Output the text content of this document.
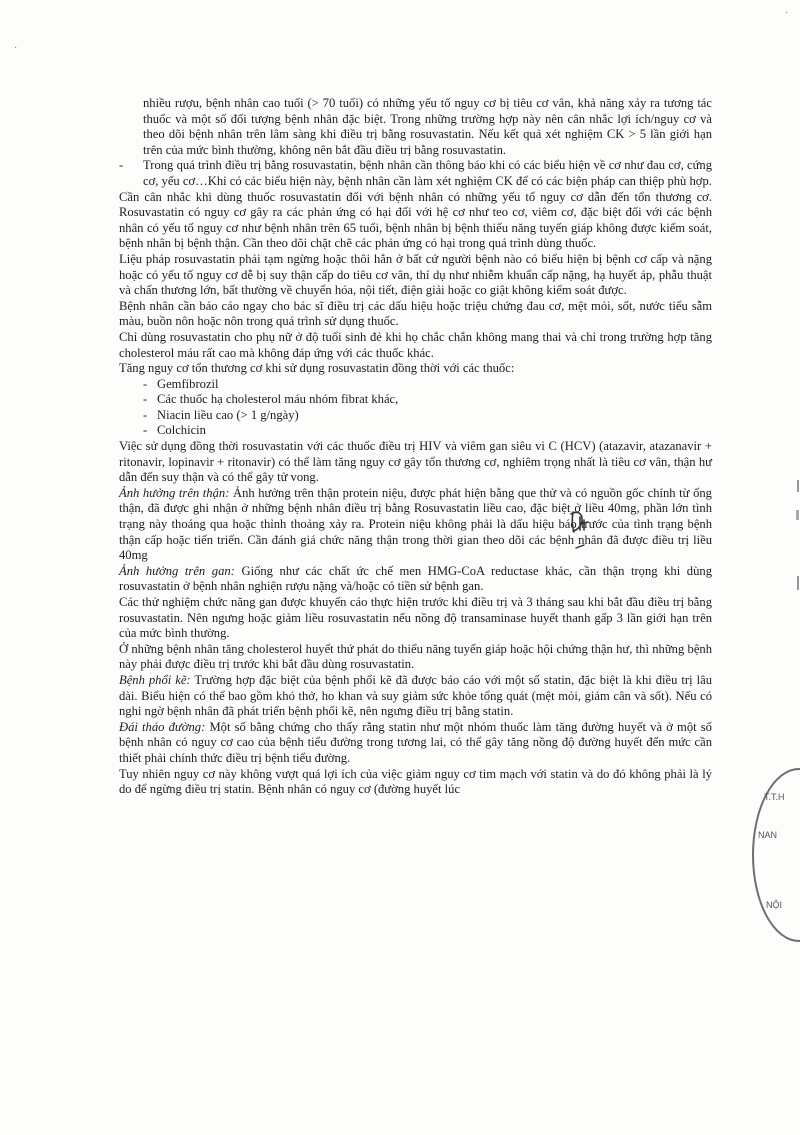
·
·

nhiều rượu, bệnh nhân cao tuổi (> 70 tuổi) có những yếu tố nguy cơ bị tiêu cơ vân, khả năng xảy ra tương tác thuốc và một số đối tượng bệnh nhân đặc biệt. Trong những trường hợp này nên cân nhắc lợi ích/nguy cơ và theo dõi bệnh nhân trên lâm sàng khi điều trị bằng rosuvastatin. Nếu kết quả xét nghiệm CK > 5 lần giới hạn trên của mức bình thường, không nên bắt đầu điều trị bằng rosuvastatin.

- Trong quá trình điều trị bằng rosuvastatin, bệnh nhân cần thông báo khi có các biểu hiện về cơ như đau cơ, cứng cơ, yếu cơ…Khi có các biểu hiện này, bệnh nhân cần làm xét nghiệm CK để có các biện pháp can thiệp phù hợp.

Cần cân nhắc khi dùng thuốc rosuvastatin đối với bệnh nhân có những yếu tố nguy cơ dẫn đến tổn thương cơ. Rosuvastatin có nguy cơ gây ra các phản ứng có hại đối với hệ cơ như teo cơ, viêm cơ, đặc biệt đối với các bệnh nhân có yếu tố nguy cơ như bệnh nhân trên 65 tuổi, bệnh nhân bị bệnh thiểu năng tuyến giáp không được kiểm soát, bệnh nhân bị bệnh thận. Cần theo dõi chặt chẽ các phản ứng có hại trong quá trình dùng thuốc.

Liệu pháp rosuvastatin phải tạm ngừng hoặc thôi hẳn ở bất cứ người bệnh nào có biểu hiện bị bệnh cơ cấp và nặng hoặc có yếu tố nguy cơ dễ bị suy thận cấp do tiêu cơ vân, thí dụ như nhiễm khuẩn cấp nặng, hạ huyết áp, phẫu thuật và chấn thương lớn, bất thường về chuyển hóa, nội tiết, điện giải hoặc co giật không kiểm soát được.

Bệnh nhân cần báo cáo ngay cho bác sĩ điều trị các dấu hiệu hoặc triệu chứng đau cơ, mệt mỏi, sốt, nước tiểu sẫm màu, buồn nôn hoặc nôn trong quá trình sử dụng thuốc.

Chỉ dùng rosuvastatin cho phụ nữ ở độ tuổi sinh đẻ khi họ chắc chắn không mang thai và chỉ trong trường hợp tăng cholesterol máu rất cao mà không đáp ứng với các thuốc khác.

Tăng nguy cơ tổn thương cơ khi sử dụng rosuvastatin đồng thời với các thuốc:

- Gemfibrozil

- Các thuốc hạ cholesterol máu nhóm fibrat khác,

- Niacin liều cao (> 1 g/ngày)

- Colchicin

Việc sử dụng đồng thời rosuvastatin với các thuốc điều trị HIV và viêm gan siêu vi C (HCV) (atazavir, atazanavir + ritonavir, lopinavir + ritonavir) có thể làm tăng nguy cơ gây tổn thương cơ, nghiêm trọng nhất là tiêu cơ vân, thận hư dẫn đến suy thận và có thể gây tử vong.

Ảnh hưởng trên thận: Ảnh hưởng trên thận protein niệu, được phát hiện bằng que thử và có nguồn gốc chính từ ống thận, đã được ghi nhận ở những bệnh nhân điều trị bằng Rosuvastatin liều cao, đặc biệt ở liều 40mg, phần lớn tình trạng này thoáng qua hoặc thỉnh thoảng xảy ra. Protein niệu không phải là dấu hiệu báo trước của tình trạng bệnh thận cấp hoặc tiến triển. Cần đánh giá chức năng thận trong thời gian theo dõi các bệnh nhân đã được điều trị liều 40mg

Ảnh hưởng trên gan: Giống như các chất ức chế men HMG-CoA reductase khác, cần thận trọng khi dùng rosuvastatin ở bệnh nhân nghiện rượu nặng và/hoặc có tiền sử bệnh gan.

Các thử nghiệm chức năng gan được khuyến cáo thực hiện trước khi điều trị và 3 tháng sau khi bắt đầu điều trị bằng rosuvastatin. Nên ngưng hoặc giảm liều rosuvastatin nếu nồng độ transaminase huyết thanh gấp 3 lần giới hạn trên của mức bình thường.

Ở những bệnh nhân tăng cholesterol huyết thứ phát do thiểu năng tuyến giáp hoặc hội chứng thận hư, thì những bệnh này phải được điều trị trước khi bắt đầu dùng rosuvastatin.

Bệnh phổi kẽ: Trường hợp đặc biệt của bệnh phổi kẽ đã được báo cáo với một số statin, đặc biệt là khi điều trị lâu dài. Biểu hiện có thể bao gồm khó thở, ho khan và suy giảm sức khỏe tổng quát (mệt mỏi, giảm cân và sốt). Nếu có nghi ngờ bệnh nhân đã phát triển bệnh phổi kẽ, nên ngưng điều trị bằng statin.

Đái tháo đường: Một số bằng chứng cho thấy rằng statin như một nhóm thuốc làm tăng đường huyết và ở một số bệnh nhân có nguy cơ cao của bệnh tiểu đường trong tương lai, có thể gây tăng nồng độ đường huyết đến mức cần thiết phải chính thức điều trị bệnh tiểu đường.

Tuy nhiên nguy cơ này không vượt quá lợi ích của việc giảm nguy cơ tim mạch với statin và do đó không phải là lý do để ngừng điều trị statin. Bệnh nhân có nguy cơ (đường huyết lúc

T.T.H
NAN
NỘI
